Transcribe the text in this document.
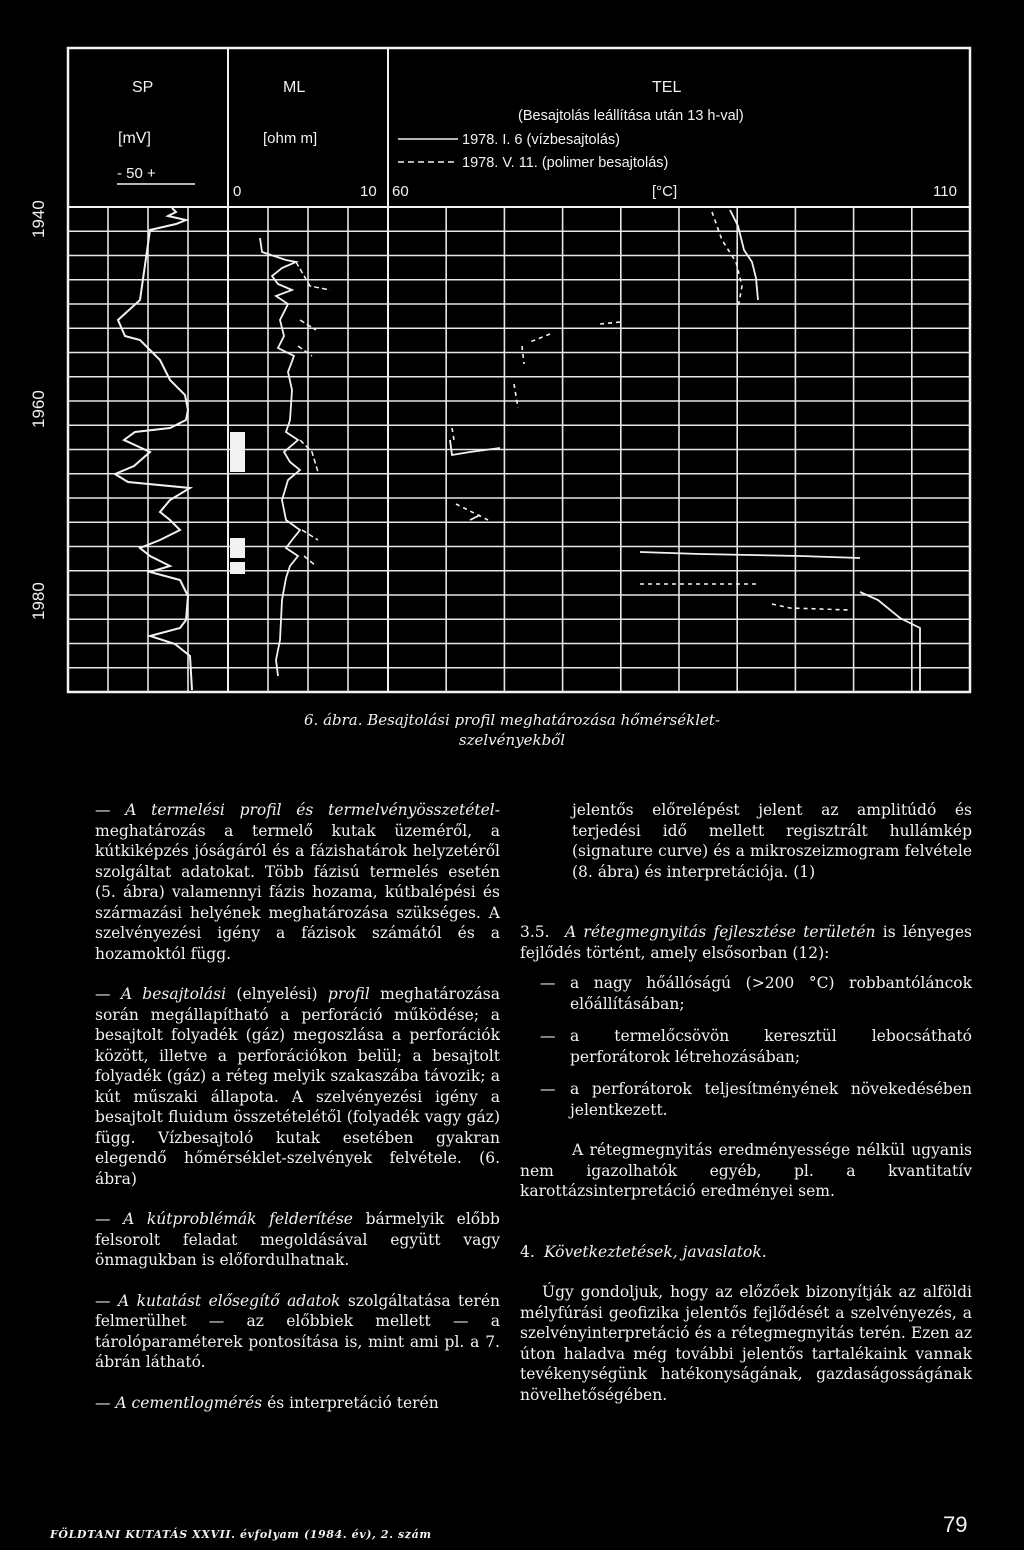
SP
[mV]
- 50 +
ML
[ohm m]
0	10
TEL
(Besajtolás leállítása után 13 h-val)
1978. I. 6 (vízbesajtolás)
1978. V. 11. (polimer besajtolás)
60	[°C]	110
1940
1960
1980
6. ábra. Besajtolási profil meghatározása hőmérséklet-
szelvényekből

— A termelési profil és termelvényösszetétel- meghatározás a termelő kutak üzeméről, a kútkiképzés jóságáról és a fázishatárok helyzetéről szolgáltat adatokat. Több fázisú termelés esetén (5. ábra) valamennyi fázis hozama, kútbalépési és származási helyének meghatározása szükséges. A szelvényezési igény a fázisok számától és a hozamoktól függ.

— A besajtolási (elnyelési) profil meghatározása során megállapítható a perforáció működése; a besajtolt folyadék (gáz) megoszlása a perforációk között, illetve a perforációkon belül; a besajtolt folyadék (gáz) a réteg melyik szakaszába távozik; a kút műszaki állapota. A szelvényezési igény a besajtolt fluidum összetételétől (folyadék vagy gáz) függ. Vízbesajtoló kutak esetében gyakran elegendő hőmérséklet-szelvények felvétele. (6. ábra)

— A kútproblémák felderítése bármelyik előbb felsorolt feladat megoldásával együtt vagy önmagukban is előfordulhatnak.

— A kutatást elősegítő adatok szolgáltatása terén felmerülhet — az előbbiek mellett — a tárolóparaméterek pontosítása is, mint ami pl. a 7. ábrán látható.

— A cementlogmérés és interpretáció terén

jelentős előrelépést jelent az amplitúdó és terjedési idő mellett regisztrált hullámkép (signature curve) és a mikroszeizmogram felvétele (8. ábra) és interpretációja. (1)

3.5. A rétegmegnyitás fejlesztése területén is lényeges fejlődés történt, amely elsősorban (12):

— a nagy hőállóságú (>200 °C) robbantóláncok előállításában;

— a termelőcsövön keresztül lebocsátható perforátorok létrehozásában;

— a perforátorok teljesítményének növekedésében jelentkezett.

A rétegmegnyitás eredményessége nélkül ugyanis nem igazolhatók egyéb, pl. a kvantitatív karottázsinterpretáció eredményei sem.

4. Következtetések, javaslatok.

Úgy gondoljuk, hogy az előzőek bizonyítják az alföldi mélyfúrási geofizika jelentős fejlődését a szelvényezés, a szelvényinterpretáció és a rétegmegnyitás terén. Ezen az úton haladva még további jelentős tartalékaink vannak tevékenységünk hatékonyságának, gazdaságosságának növelhetőségében.

FÖLDTANI KUTATÁS XXVII. évfolyam (1984. év), 2. szám	79
